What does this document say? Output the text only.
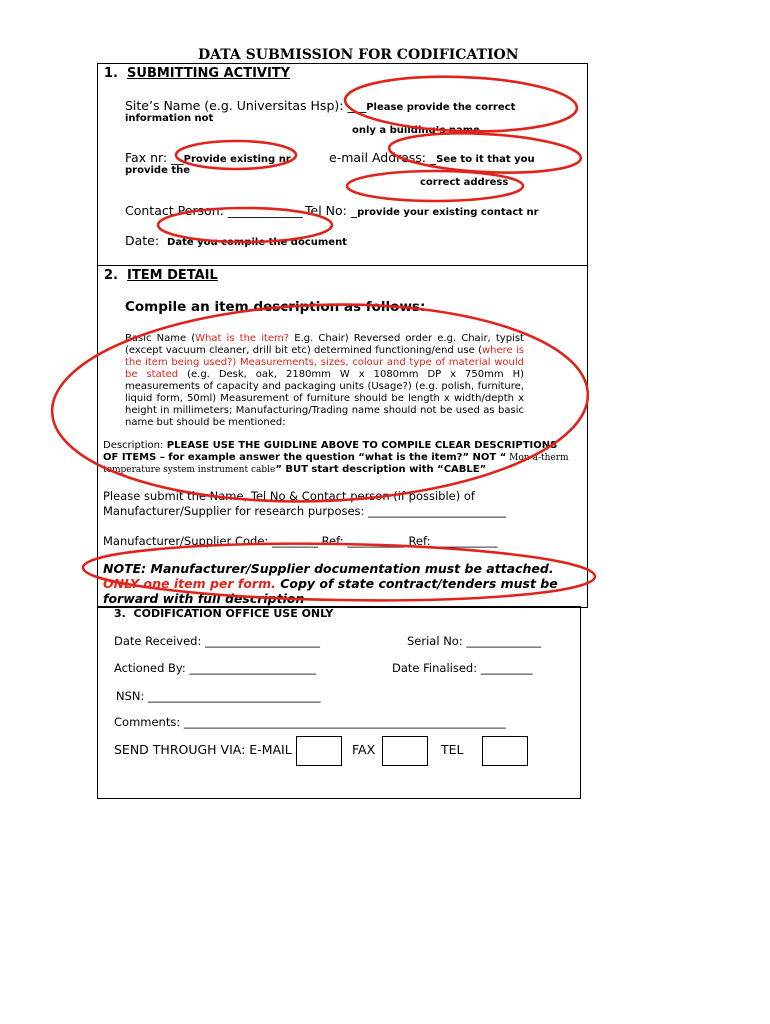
DATA SUBMISSION FOR CODIFICATION
1. SUBMITTING ACTIVITY
Site’s Name (e.g. Universitas Hsp): ___Please provide the correct
information not
only a building’s name
Fax nr: __Provide existing nr	e-mail Address: _See to it that you
provide the
correct address
Contact Person: ____________ Tel No: _provide your existing contact nr
Date: Date you compile the document
2. ITEM DETAIL
Compile an item description as follows:
Basic Name (What is the item? E.g. Chair) Reversed order e.g. Chair, typist (except vacuum cleaner, drill bit etc) determined functioning/end use (where is the item being used?) Measurements, sizes, colour and type of material would be stated (e.g. Desk, oak, 2180mm W x 1080mm DP x 750mm H) measurements of capacity and packaging units (Usage?) (e.g. polish, furniture, liquid form, 50ml) Measurement of furniture should be length x width/depth x height in millimeters; Manufacturing/Trading name should not be used as basic name but should be mentioned:
Description: PLEASE USE THE GUIDLINE ABOVE TO COMPILE CLEAR DESCRIPTIONS
OF ITEMS – for example answer the question “what is the item?” NOT “ Mon-a-therm
temperature system instrument cable” BUT start description with “CABLE”
Please submit the Name, Tel No & Contact person (if possible) of
Manufacturer/Supplier for research purposes: ________________________
Manufacturer/Supplier Code: ________ Ref: __________ Ref: ___________
NOTE: Manufacturer/Supplier documentation must be attached.
ONLY one item per form. Copy of state contract/tenders must be
forward with full description
3. CODIFICATION OFFICE USE ONLY
Date Received: ____________________	Serial No: _____________
Actioned By: ______________________	Date Finalised: _________
NSN: ______________________________
Comments: ________________________________________________________
SEND THROUGH VIA: E-MAIL	FAX	TEL
